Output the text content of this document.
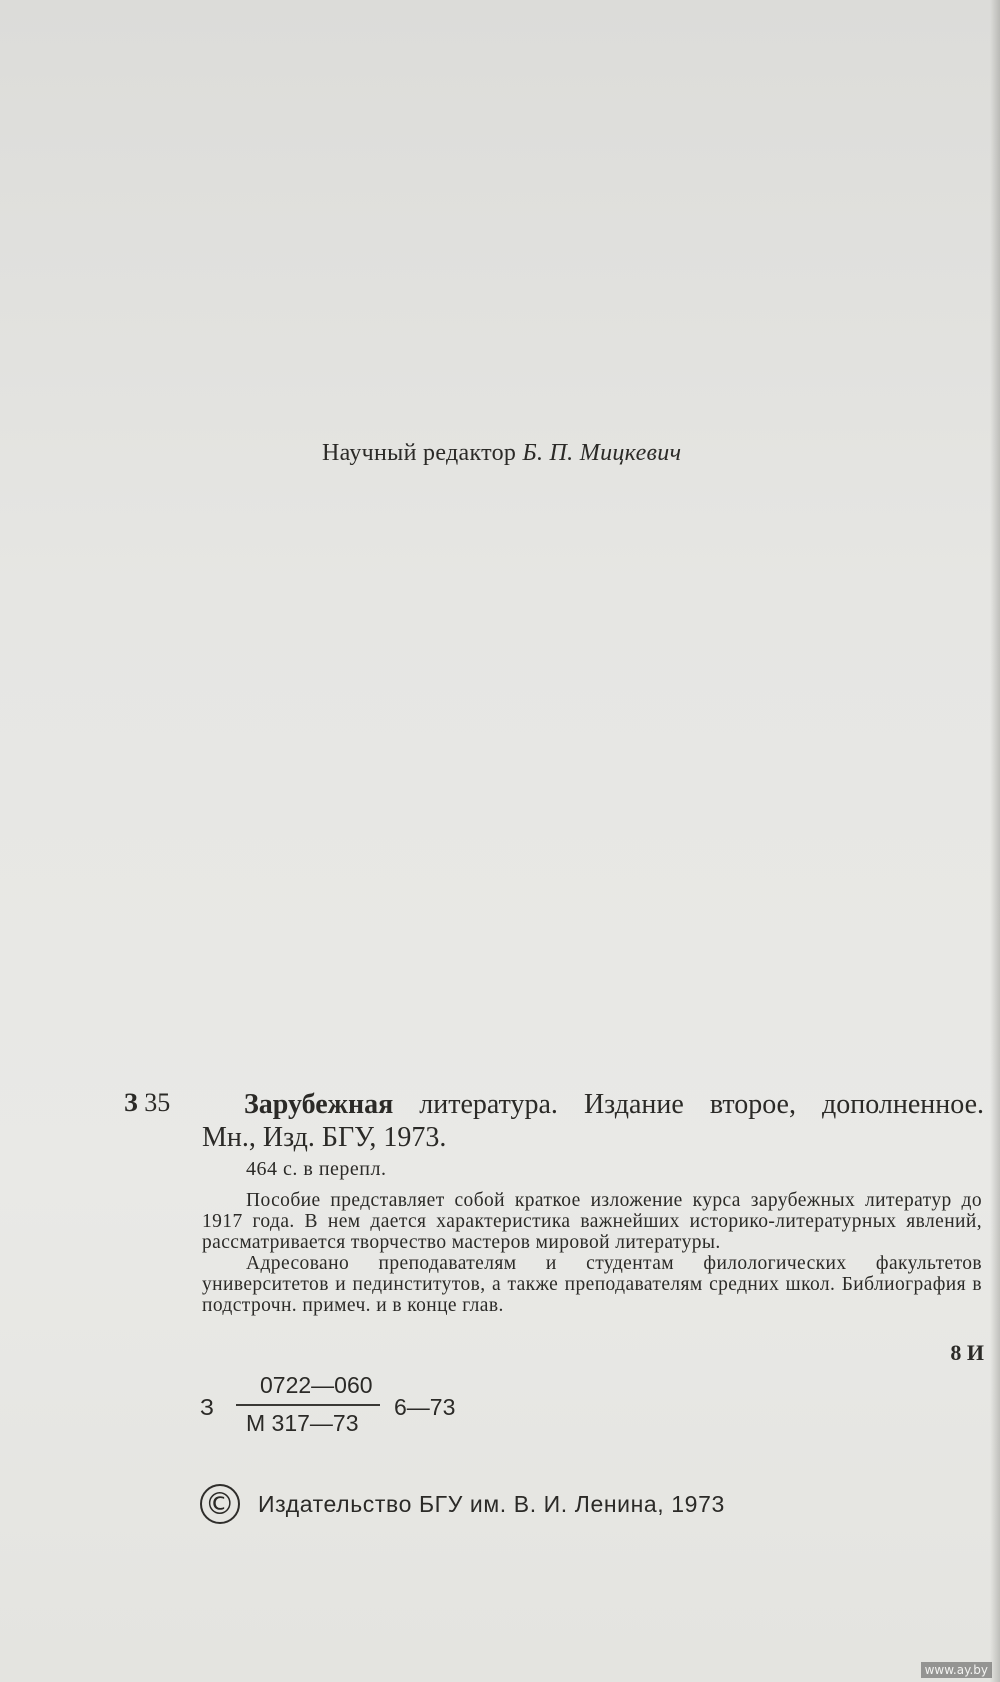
Научный редактор Б. П. Мицкевич
З 35	Зарубежная литература. Издание второе, дополненное.
Мн., Изд. БГУ, 1973.
464 с. в перепл.

Пособие представляет собой краткое изложение курса зарубежных литератур до 1917 года. В нем дается характеристика важнейших историко-литературных явлений, рассматривается творчество мастеров мировой литературы.

Адресовано преподавателям и студентам филологических факультетов университетов и пединститутов, а также преподавателям средних школ. Библиография в подстрочн. примеч. и в конце глав.

8 И
З
0722—060
М 317—73
6—73
© Издательство БГУ им. В. И. Ленина, 1973
www.ay.by
